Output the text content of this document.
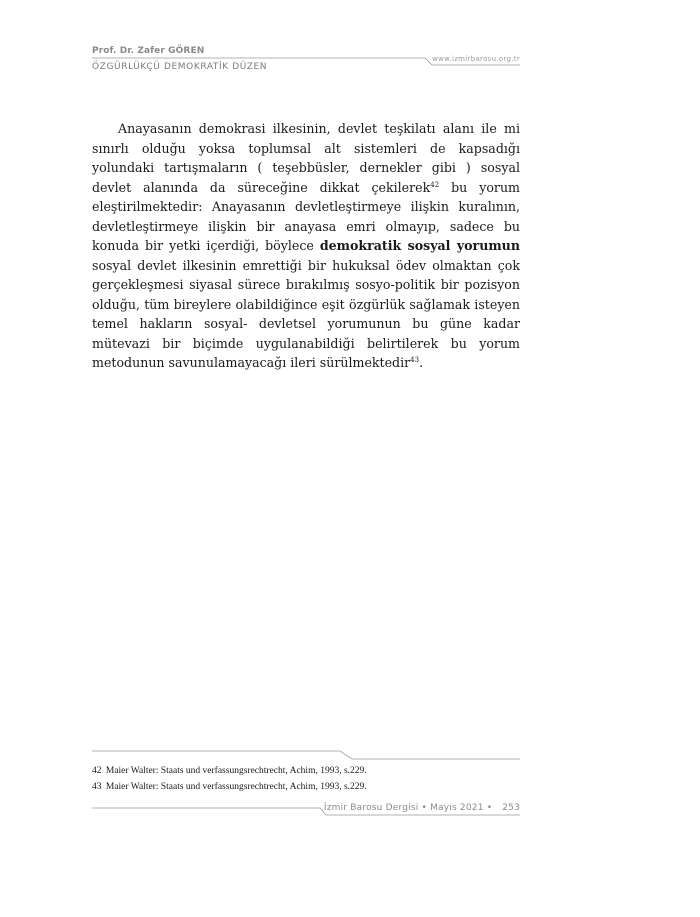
Prof. Dr. Zafer GÖREN
ÖZGÜRLÜKÇÜ DEMOKRATİK DÜZEN
www.izmirbarosu.org.tr

Anayasanın demokrasi ilkesinin, devlet teşkilatı alanı ile mi sınırlı olduğu yoksa toplumsal alt sistemleri de kapsadığı yolundaki tartışmaların ( teşebbüsler, dernekler gibi ) sosyal devlet alanında da süreceğine dikkat çekilerek$^{42}$ bu yorum eleştirilmektedir: Anayasanın devletleştirmeye ilişkin kuralının, devletleştirmeye ilişkin bir anayasa emri olmayıp, sadece bu konuda bir yetki içerdiği, böylece demokratik sosyal yorumun sosyal devlet ilkesinin emrettiği bir hukuksal ödev olmaktan çok gerçekleşmesi siyasal sürece bırakılmış sosyo-politik bir pozisyon olduğu, tüm bireylere olabildiğince eşit özgürlük sağlamak isteyen temel hakların sosyal- devletsel yorumunun bu güne kadar mütevazi bir biçimde uygulanabildiği belirtilerek bu yorum metodunun savunulamayacağı ileri sürülmektedir$^{43}$.

42 Maier Walter: Staats und verfassungsrechtrecht, Achim, 1993, s.229.
43 Maier Walter: Staats und verfassungsrechtrecht, Achim, 1993, s.229.
İzmir Barosu Dergisi • Mayıs 2021 • 253
